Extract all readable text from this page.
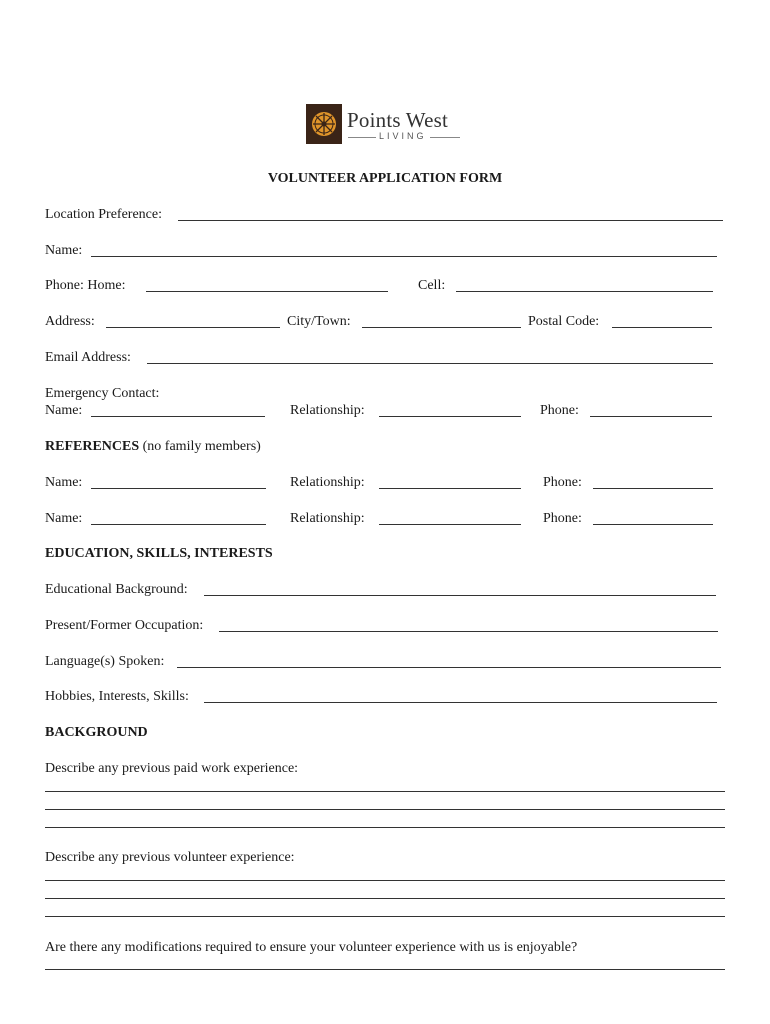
Points West
LIVING
VOLUNTEER APPLICATION FORM
Location Preference:
Name:
Phone: Home:	Cell:
Address:	City/Town:	Postal Code:
Email Address:
Emergency Contact:
Name:	Relationship:	Phone:
REFERENCES (no family members)
Name:	Relationship:	Phone:
Name:	Relationship:	Phone:
EDUCATION, SKILLS, INTERESTS
Educational Background:
Present/Former Occupation:
Language(s) Spoken:
Hobbies, Interests, Skills:
BACKGROUND
Describe any previous paid work experience:
Describe any previous volunteer experience:
Are there any modifications required to ensure your volunteer experience with us is enjoyable?
